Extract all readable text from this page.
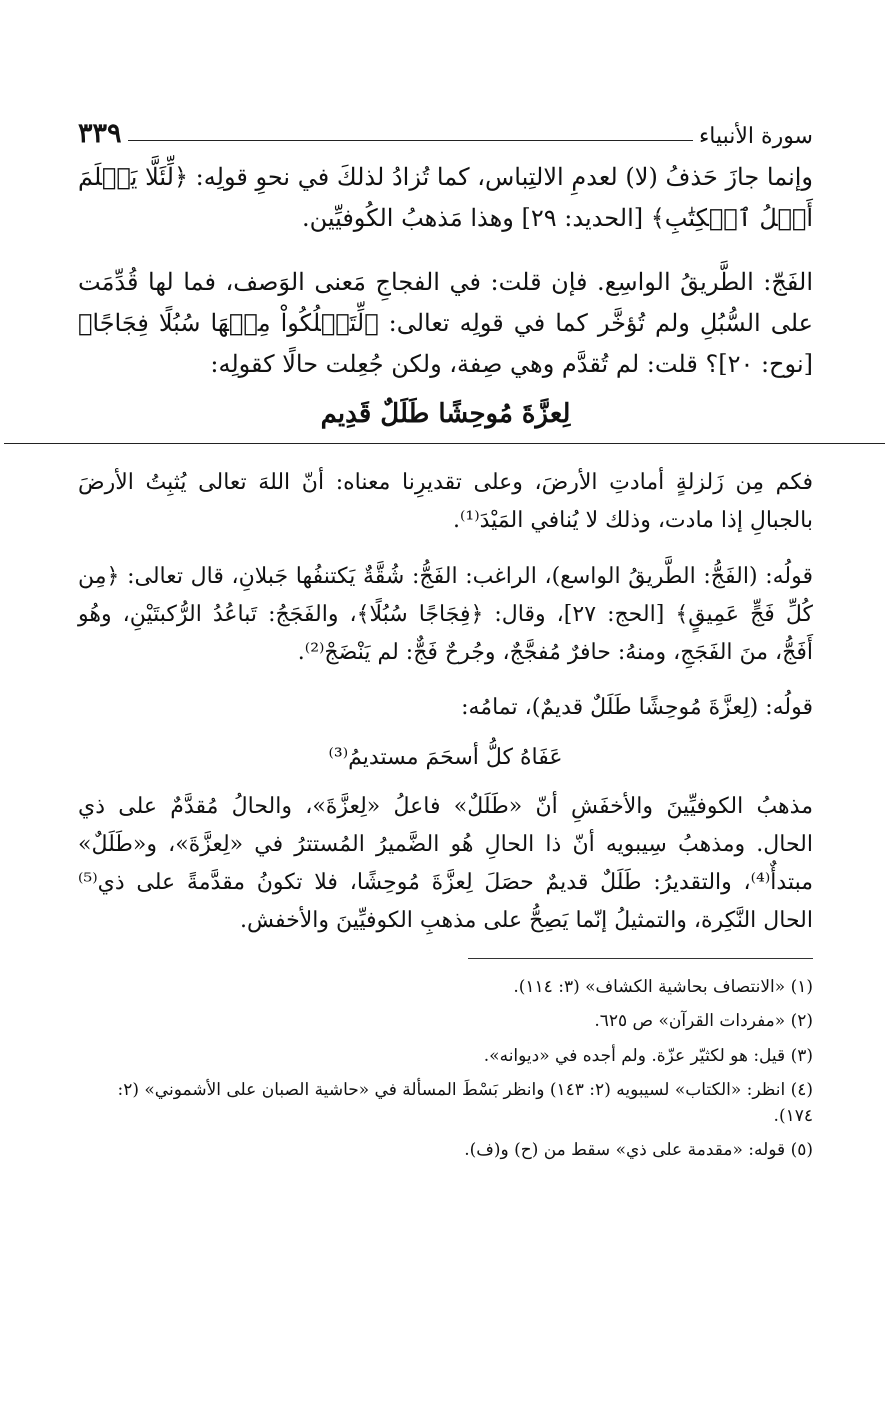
سورة الأنبياء
٣٣٩

وإنما جازَ حَذفُ (لا) لعدمِ الالتِباس، كما تُزادُ لذلكَ في نحوِ قولِه: ﴿لِّئَلَّا يَعۡلَمَ أَهۡلُ ٱلۡكِتَٰبِ﴾ [الحديد: ٢٩] وهذا مَذهبُ الكُوفيِّين.

الفَجّ: الطَّريقُ الواسِع. فإن قلت: في الفجاجِ مَعنى الوَصف، فما لها قُدِّمَت على السُّبُلِ ولم تُؤخَّر كما في قولِه تعالى: ﴿لِّتَسۡلُكُواْ مِنۡهَا سُبُلًا فِجَاجًا﴾ [نوح: ٢٠]؟ قلت: لم تُقدَّم وهي صِفة، ولكن جُعِلت حالًا كقولِه:

لِعزَّةَ مُوحِشًا طَلَلٌ قَدِيم

فكم مِن زَلزلةٍ أمادتِ الأرضَ، وعلى تقديرِنا معناه: أنّ اللهَ تعالى يُثبِتُ الأرضَ بالجبالِ إذا مادت، وذلك لا يُنافي المَيْدَ⁽¹⁾.

قولُه: (الفَجُّ: الطَّريقُ الواسع)، الراغب: الفَجُّ: شُقَّةٌ يَكتنفُها جَبلانِ، قال تعالى: ﴿مِن كُلِّ فَجٍّ عَمِيقٍ﴾ [الحج: ٢٧]، وقال: ﴿فِجَاجًا سُبُلًا﴾، والفَجَجُ: تَباعُدُ الرُّكبتَيْنِ، وهُو أَفَجُّ، منَ الفَجَجِ، ومنهُ: حافرٌ مُفجَّجٌ، وجُرحٌ فَجٌّ: لم يَنْضَجْ⁽²⁾.

قولُه: (لِعزَّةَ مُوحِشًا طَلَلٌ قديمٌ)، تمامُه:

عَفَاهُ كلُّ أسحَمَ مستديمُ⁽³⁾

مذهبُ الكوفيِّينَ والأخفَشِ أنّ «طَلَلٌ» فاعلُ «لِعزَّةَ»، والحالُ مُقدَّمٌ على ذي الحال. ومذهبُ سِيبويه أنّ ذا الحالِ هُو الضَّميرُ المُستترُ في «لِعزَّةَ»، و«طَلَلٌ» مبتدأٌ⁽⁴⁾، والتقديرُ: طَلَلٌ قديمٌ حصَلَ لِعزَّةَ مُوحِشًا، فلا تكونُ مقدَّمةً على ذي⁽⁵⁾ الحال النَّكِرة، والتمثيلُ إنّما يَصِحُّ على مذهبِ الكوفيِّينَ والأخفش.

(١) «الانتصاف بحاشية الكشاف» (٣: ١١٤).
(٢) «مفردات القرآن» ص ٦٢٥.
(٣) قيل: هو لكثيّر عزّة. ولم أجده في «ديوانه».
(٤) انظر: «الكتاب» لسيبويه (٢: ١٤٣) وانظر بَسْطَ المسألة في «حاشية الصبان على الأشموني» (٢: ١٧٤).
(٥) قوله: «مقدمة على ذي» سقط من (ح) و(ف).
